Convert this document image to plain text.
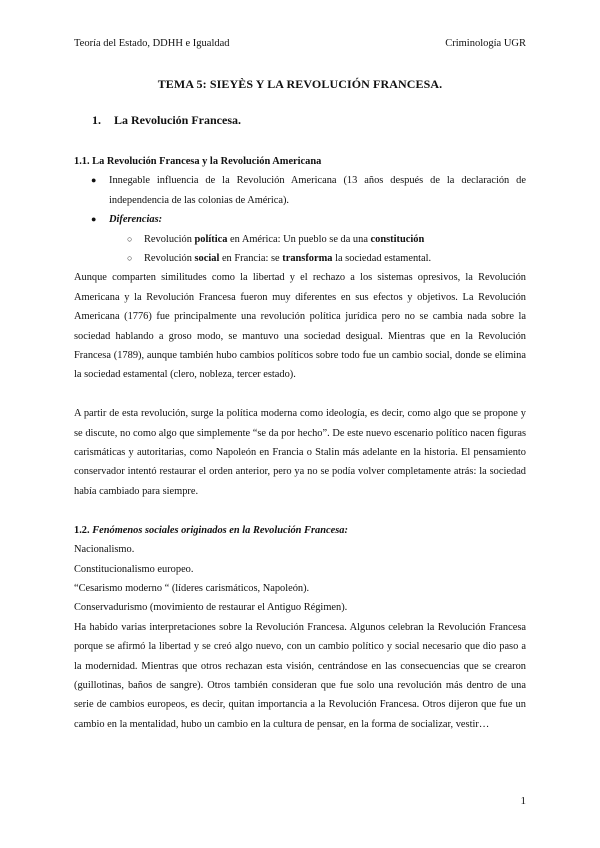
Teoría del Estado, DDHH e Igualdad	Criminología UGR
TEMA 5: SIEYÈS Y LA REVOLUCIÓN FRANCESA.
1. La Revolución Francesa.
1.1. La Revolución Francesa y la Revolución Americana
● Innegable influencia de la Revolución Americana (13 años después de la declaración de independencia de las colonias de América).
● Diferencias:
○ Revolución política en América: Un pueblo se da una constitución
○ Revolución social en Francia: se transforma la sociedad estamental.

Aunque comparten similitudes como la libertad y el rechazo a los sistemas opresivos, la Revolución Americana y la Revolución Francesa fueron muy diferentes en sus efectos y objetivos. La Revolución Americana (1776) fue principalmente una revolución política jurídica pero no se cambia nada sobre la sociedad hablando a groso modo, se mantuvo una sociedad desigual. Mientras que en la Revolución Francesa (1789), aunque también hubo cambios políticos sobre todo fue un cambio social, donde se elimina la sociedad estamental (clero, nobleza, tercer estado).

A partir de esta revolución, surge la política moderna como ideología, es decir, como algo que se propone y se discute, no como algo que simplemente “se da por hecho”. De este nuevo escenario político nacen figuras carismáticas y autoritarias, como Napoleón en Francia o Stalin más adelante en la historia. El pensamiento conservador intentó restaurar el orden anterior, pero ya no se podía volver completamente atrás: la sociedad había cambiado para siempre.

1.2. Fenómenos sociales originados en la Revolución Francesa:
Nacionalismo.
Constitucionalismo europeo.
“Cesarismo moderno “ (líderes carismáticos, Napoleón).
Conservadurismo (movimiento de restaurar el Antiguo Régimen).

Ha habido varias interpretaciones sobre la Revolución Francesa. Algunos celebran la Revolución Francesa porque se afirmó la libertad y se creó algo nuevo, con un cambio político y social necesario que dio paso a la modernidad. Mientras que otros rechazan esta visión, centrándose en las consecuencias que se crearon (guillotinas, baños de sangre). Otros también consideran que fue solo una revolución más dentro de una serie de cambios europeos, es decir, quitan importancia a la Revolución Francesa. Otros dijeron que fue un cambio en la mentalidad, hubo un cambio en la cultura de pensar, en la forma de socializar, vestir…

1
